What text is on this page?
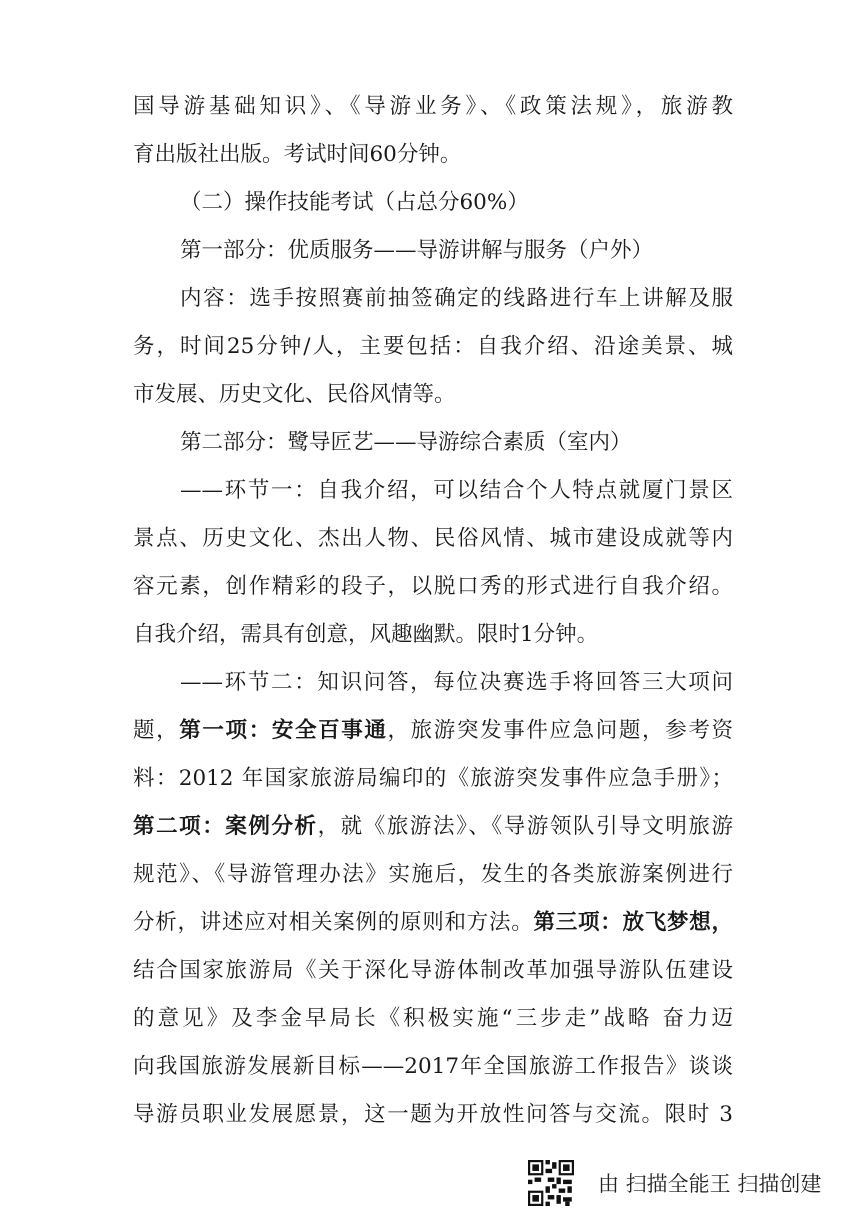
国导游基础知识》、《导游业务》、《政策法规》，旅游教
育出版社出版。考试时间60分钟。
（二）操作技能考试（占总分60%）
第一部分：优质服务——导游讲解与服务（户外）
内容：选手按照赛前抽签确定的线路进行车上讲解及服
务，时间25分钟/人，主要包括：自我介绍、沿途美景、城
市发展、历史文化、民俗风情等。
第二部分：鹭导匠艺——导游综合素质（室内）
——环节一：自我介绍，可以结合个人特点就厦门景区
景点、历史文化、杰出人物、民俗风情、城市建设成就等内
容元素，创作精彩的段子，以脱口秀的形式进行自我介绍。
自我介绍，需具有创意，风趣幽默。限时1分钟。
——环节二：知识问答，每位决赛选手将回答三大项问
题，第一项：安全百事通，旅游突发事件应急问题，参考资
料：2012 年国家旅游局编印的《旅游突发事件应急手册》；
第二项：案例分析，就《旅游法》、《导游领队引导文明旅游
规范》、《导游管理办法》实施后，发生的各类旅游案例进行
分析，讲述应对相关案例的原则和方法。第三项：放飞梦想，
结合国家旅游局《关于深化导游体制改革加强导游队伍建设
的意见》及李金早局长《积极实施“三步走”战略 奋力迈
向我国旅游发展新目标——2017年全国旅游工作报告》谈谈
导游员职业发展愿景，这一题为开放性问答与交流。限时 3
由 扫描全能王 扫描创建
